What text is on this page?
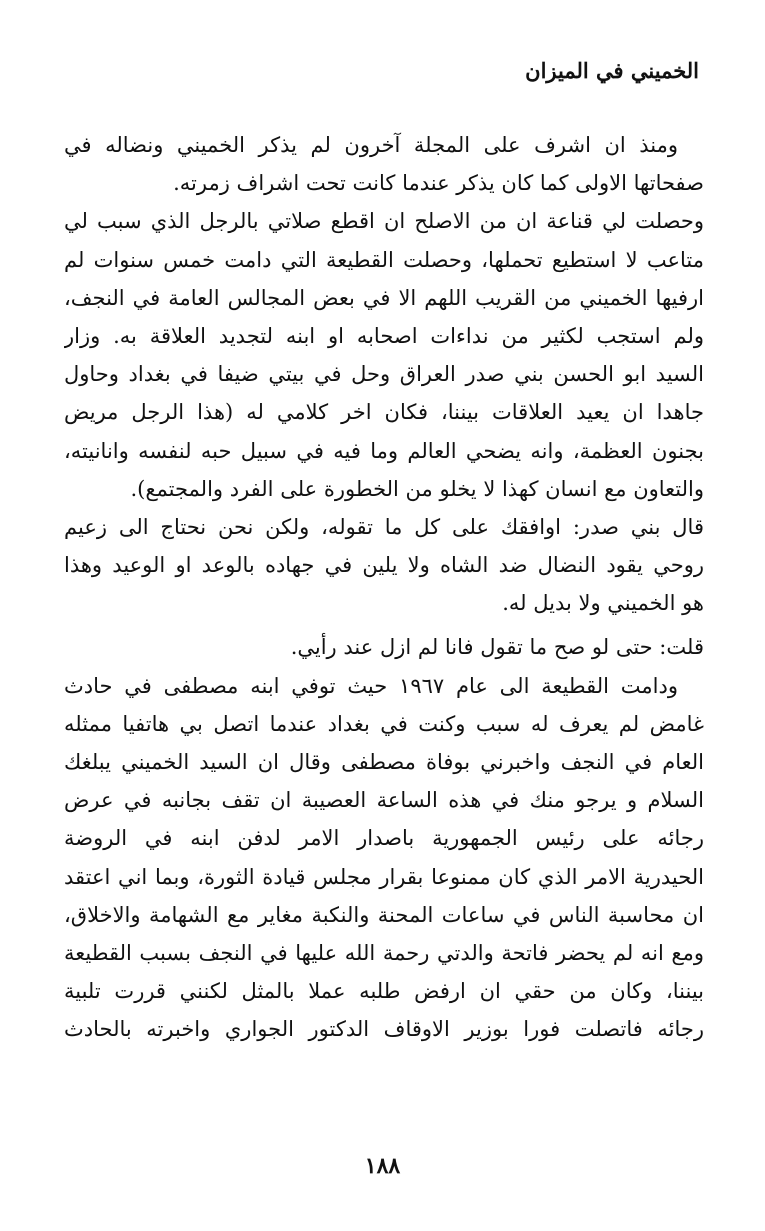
الخميني في الميزان
ومنذ ان اشرف على المجلة آخرون لم يذكر الخميني ونضاله في
صفحاتها الاولى كما كان يذكر عندما كانت تحت اشراف زمرته.
وحصلت لي قناعة ان من الاصلح ان اقطع صلاتي بالرجل الذي سبب لي
متاعب لا استطيع تحملها، وحصلت القطيعة التي دامت خمس سنوات لم
ارفيها الخميني من القريب اللهم الا في بعض المجالس العامة في النجف،
ولم استجب لكثير من نداءات اصحابه او ابنه لتجديد العلاقة به. وزار
السيد ابو الحسن بني صدر العراق وحل في بيتي ضيفا في بغداد وحاول
جاهدا ان يعيد العلاقات بيننا، فكان اخر كلامي له (هذا الرجل مريض
بجنون العظمة، وانه يضحي العالم وما فيه في سبيل حبه لنفسه وانانيته،
والتعاون مع انسان كهذا لا يخلو من الخطورة على الفرد والمجتمع).
قال بني صدر: اوافقك على كل ما تقوله، ولكن نحن نحتاج الى زعيم
روحي يقود النضال ضد الشاه ولا يلين في جهاده بالوعد او الوعيد وهذا
هو الخميني ولا بديل له.
قلت: حتى لو صح ما تقول فانا لم ازل عند رأيي.
ودامت القطيعة الى عام ١٩٦٧ حيث توفي ابنه مصطفى في حادث
غامض لم يعرف له سبب وكنت في بغداد عندما اتصل بي هاتفيا ممثله
العام في النجف واخبرني بوفاة مصطفى وقال ان السيد الخميني يبلغك
السلام و يرجو منك في هذه الساعة العصيبة ان تقف بجانبه في عرض
رجائه على رئيس الجمهورية باصدار الامر لدفن ابنه في الروضة
الحيدرية الامر الذي كان ممنوعا بقرار مجلس قيادة الثورة، وبما اني اعتقد
ان محاسبة الناس في ساعات المحنة والنكبة مغاير مع الشهامة والاخلاق،
ومع انه لم يحضر فاتحة والدتي رحمة الله عليها في النجف بسبب القطيعة
بيننا، وكان من حقي ان ارفض طلبه عملا بالمثل لكنني قررت تلبية
رجائه فاتصلت فورا بوزير الاوقاف الدكتور الجواري واخبرته بالحادث
١٨٨
